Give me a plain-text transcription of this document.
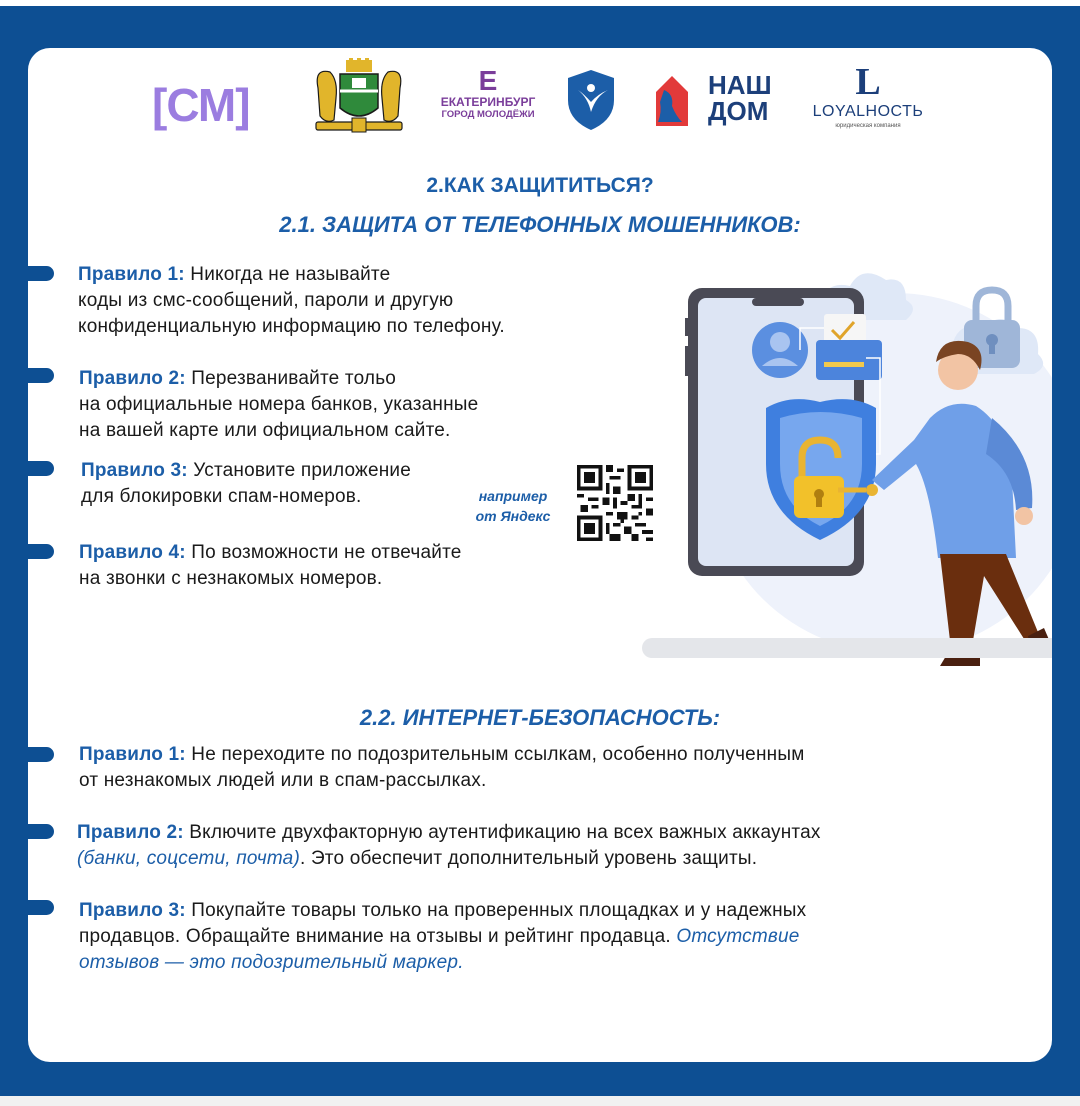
[СМ]	Е
ЕКАТЕРИНБУРГ
ГОРОД МОЛОДЁЖИ
НАШ
ДОМ
L
LOYALНОСТЬ
юридическая компания
2.КАК ЗАЩИТИТЬСЯ?
2.1. ЗАЩИТА ОТ ТЕЛЕФОННЫХ МОШЕННИКОВ:
Правило 1: Никогда не называйте
коды из смс-сообщений, пароли и другую
конфиденциальную информацию по телефону.
Правило 2: Перезванивайте тольо
на официальные номера банков, указанные
на вашей карте или официальном сайте.
Правило 3: Установите приложение
для блокировки спам-номеров.	например
от Яндекс
Правило 4: По возможности не отвечайте
на звонки с незнакомых номеров.
2.2. ИНТЕРНЕТ-БЕЗОПАСНОСТЬ:
Правило 1: Не переходите по подозрительным ссылкам, особенно полученным
от незнакомых людей или в спам-рассылках.
Правило 2: Включите двухфакторную аутентификацию на всех важных аккаунтах
(банки, соцсети, почта). Это обеспечит дополнительный уровень защиты.
Правило 3: Покупайте товары только на проверенных площадках и у надежных
продавцов. Обращайте внимание на отзывы и рейтинг продавца. Отсутствие
отзывов — это подозрительный маркер.
